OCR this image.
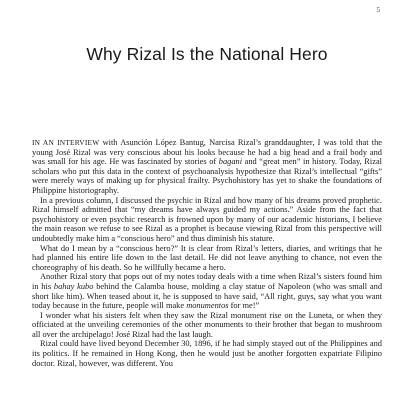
5
Why Rizal Is the National Hero

IN AN INTERVIEW with Asunción López Bantug, Narcisa Rizal’s granddaughter, I was told that the young José Rizal was very conscious about his looks because he had a big head and a frail body and was small for his age. He was fascinated by stories of bagani and “great men” in history. Today, Rizal scholars who put this data in the context of psychoanalysis hypothesize that Rizal’s intellectual “gifts” were merely ways of making up for physical frailty. Psychohistory has yet to shake the foundations of Philippine historiography.

In a previous column, I discussed the psychic in Rizal and how many of his dreams proved prophetic. Rizal himself admitted that “my dreams have always guided my actions.” Aside from the fact that psychohistory or even psychic research is frowned upon by many of our academic historians, I believe the main reason we refuse to see Rizal as a prophet is because viewing Rizal from this perspective will undoubtedly make him a “conscious hero” and thus diminish his stature.

What do I mean by a “conscious hero?” It is clear from Rizal’s letters, diaries, and writings that he had planned his entire life down to the last detail. He did not leave anything to chance, not even the choreography of his death. So he willfully became a hero.

Another Rizal story that pops out of my notes today deals with a time when Rizal’s sisters found him in his bahay kubo behind the Calamba house, molding a clay statue of Napoleon (who was small and short like him). When teased about it, he is supposed to have said, “All right, guys, say what you want today because in the future, people will make monumentos for me!”

I wonder what his sisters felt when they saw the Rizal monument rise on the Luneta, or when they officiated at the unveiling ceremonies of the other monuments to their brother that began to mushroom all over the archipelago! José Rizal had the last laugh.

Rizal could have lived beyond December 30, 1896, if he had simply stayed out of the Philippines and its politics. If he remained in Hong Kong, then he would just be another forgotten expatriate Filipino doctor. Rizal, however, was different. You
